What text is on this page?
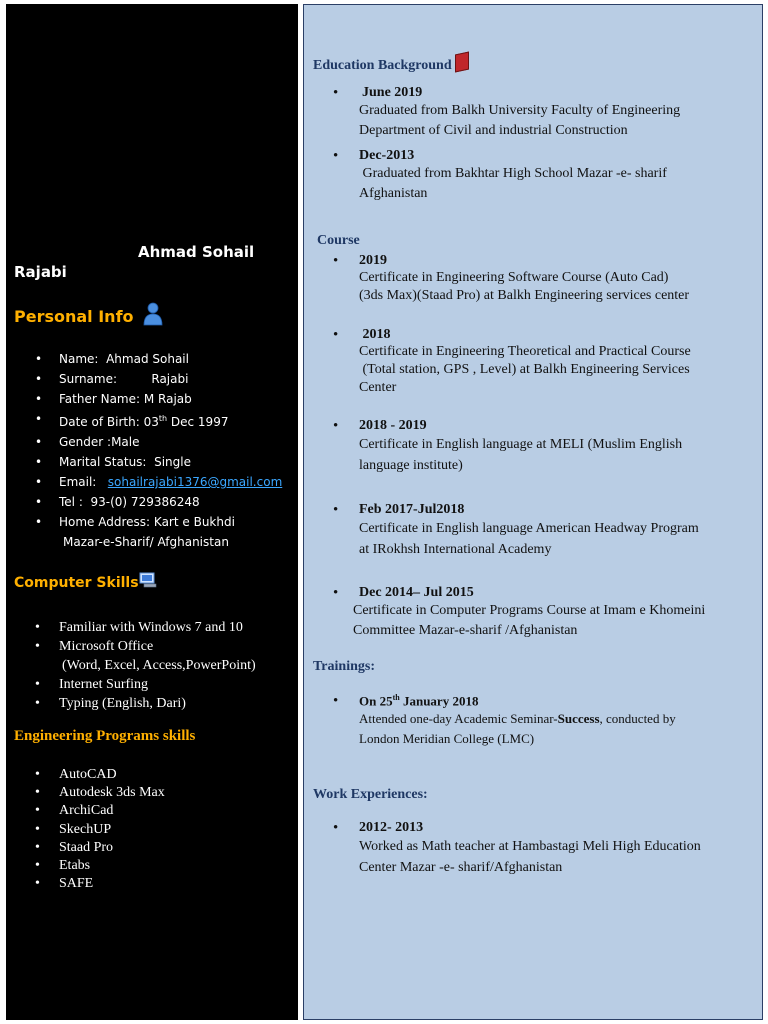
Ahmad Sohail
Rajabi
Personal Info
• Name: Ahmad Sohail
• Surname:	Rajabi
• Father Name: M Rajab
• Date of Birth: 03th Dec 1997
• Gender :Male
• Marital Status: Single
• Email: sohailrajabi1376@gmail.com
• Tel : 93-(0) 729386248
• Home Address: Kart e Bukhdi
Mazar-e-Sharif/ Afghanistan
Computer Skills
• Familiar with Windows 7 and 10
• Microsoft Office
(Word, Excel, Access,PowerPoint)
• Internet Surfing
• Typing (English, Dari)
Engineering Programs skills
• AutoCAD
• Autodesk 3ds Max
• ArchiCad
• SkechUP
• Staad Pro
• Etabs
• SAFE
Education Background
• June 2019
Graduated from Balkh University Faculty of Engineering
Department of Civil and industrial Construction
• Dec-2013
Graduated from Bakhtar High School Mazar -e- sharif
Afghanistan
Course
• 2019
Certificate in Engineering Software Course (Auto Cad)
(3ds Max)(Staad Pro) at Balkh Engineering services center
• 2018
Certificate in Engineering Theoretical and Practical Course
(Total station, GPS , Level) at Balkh Engineering Services
Center
• 2018 - 2019
Certificate in English language at MELI (Muslim English
language institute)
• Feb 2017-Jul2018
Certificate in English language American Headway Program
at IRokhsh International Academy
• Dec 2014– Jul 2015
Certificate in Computer Programs Course at Imam e Khomeini
Committee Mazar-e-sharif /Afghanistan
Trainings:
• On 25th January 2018
Attended one-day Academic Seminar-Success, conducted by
London Meridian College (LMC)
Work Experiences:
• 2012- 2013
Worked as Math teacher at Hambastagi Meli High Education
Center Mazar -e- sharif/Afghanistan
